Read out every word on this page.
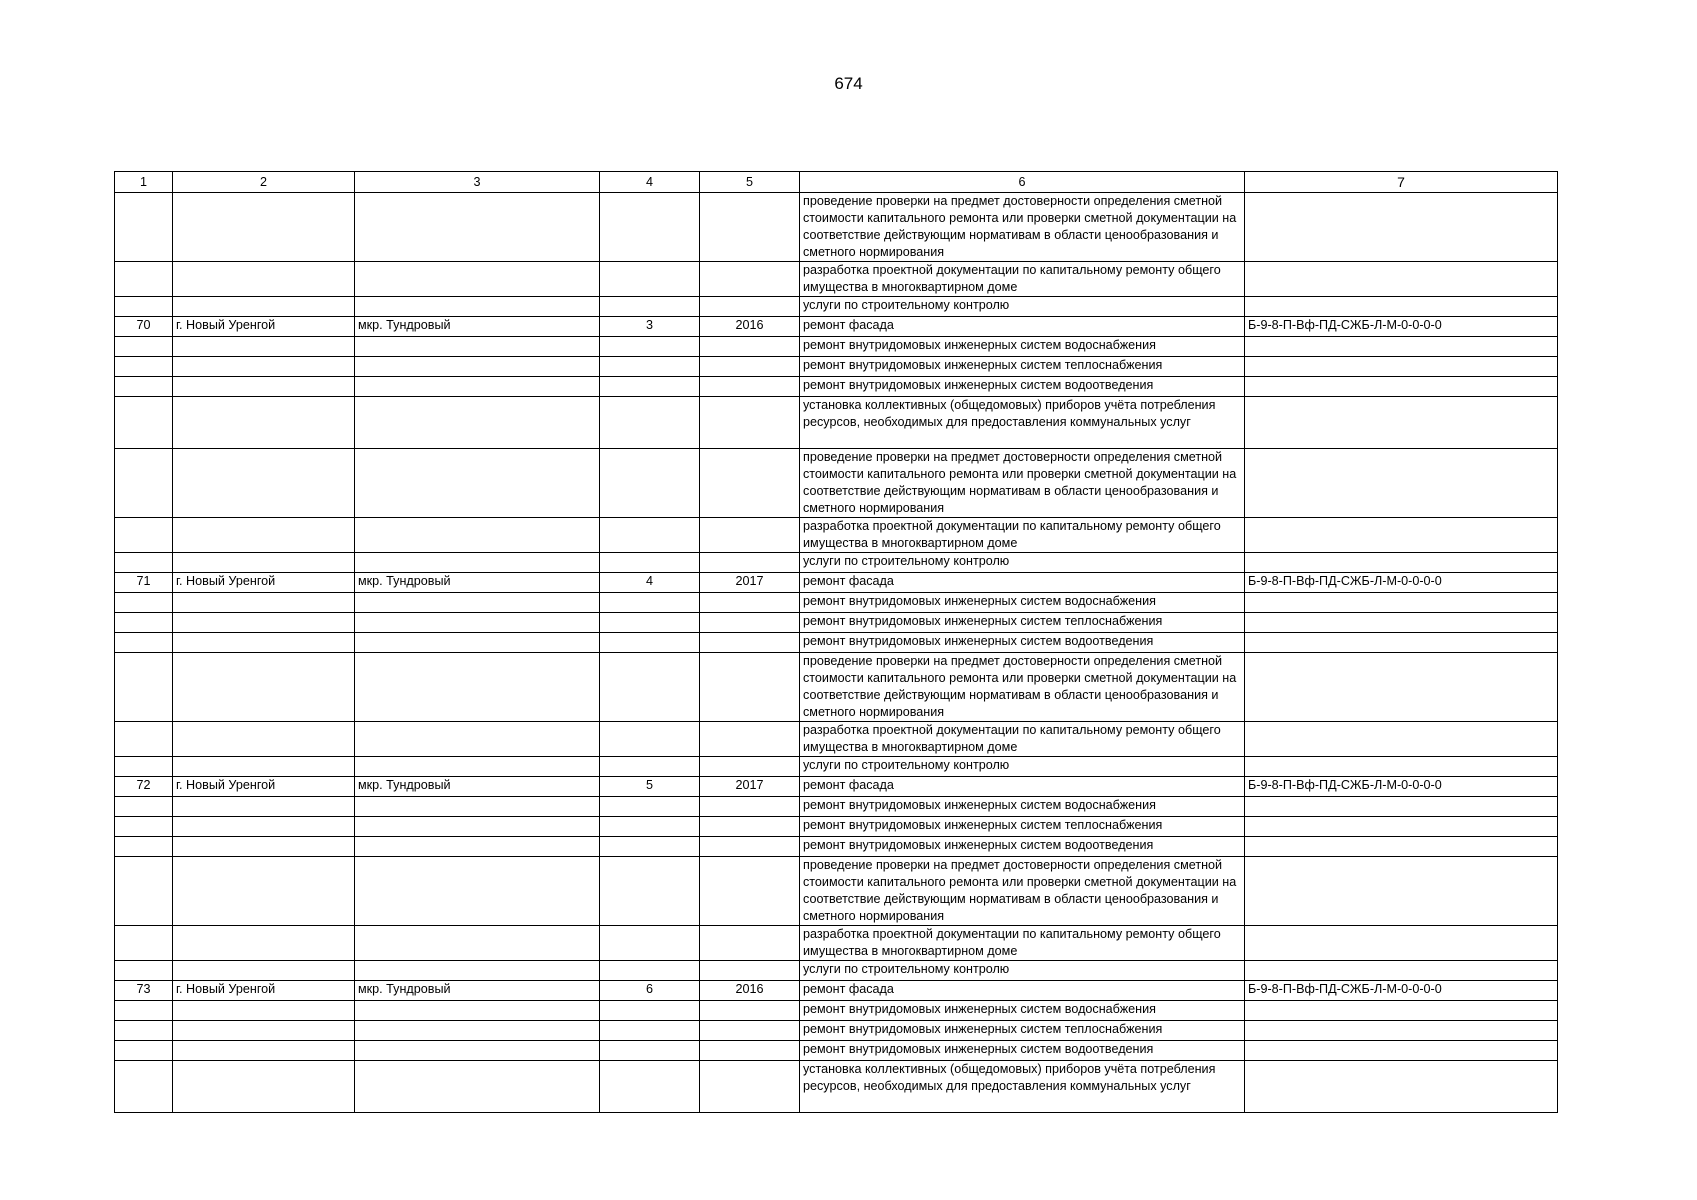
674
1	2	3	4	5	6	7
					проведение проверки на предмет достоверности определения сметной стоимости капитального ремонта или проверки сметной документации на соответствие действующим нормативам в области ценообразования и сметного нормирования	
					разработка проектной документации по капитальному ремонту общего имущества в многоквартирном доме	
					услуги по строительному контролю	
70	г. Новый Уренгой	мкр. Тундровый	3	2016	ремонт фасада	Б-9-8-П-Вф-ПД-СЖБ-Л-М-0-0-0-0
					ремонт внутридомовых инженерных систем водоснабжения	
					ремонт внутридомовых инженерных систем теплоснабжения	
					ремонт внутридомовых инженерных систем водоотведения	
					установка коллективных (общедомовых) приборов учёта потребления ресурсов, необходимых для предоставления коммунальных услуг	
					проведение проверки на предмет достоверности определения сметной стоимости капитального ремонта или проверки сметной документации на соответствие действующим нормативам в области ценообразования и сметного нормирования	
					разработка проектной документации по капитальному ремонту общего имущества в многоквартирном доме	
					услуги по строительному контролю	
71	г. Новый Уренгой	мкр. Тундровый	4	2017	ремонт фасада	Б-9-8-П-Вф-ПД-СЖБ-Л-М-0-0-0-0
					ремонт внутридомовых инженерных систем водоснабжения	
					ремонт внутридомовых инженерных систем теплоснабжения	
					ремонт внутридомовых инженерных систем водоотведения	
					проведение проверки на предмет достоверности определения сметной стоимости капитального ремонта или проверки сметной документации на соответствие действующим нормативам в области ценообразования и сметного нормирования	
					разработка проектной документации по капитальному ремонту общего имущества в многоквартирном доме	
					услуги по строительному контролю	
72	г. Новый Уренгой	мкр. Тундровый	5	2017	ремонт фасада	Б-9-8-П-Вф-ПД-СЖБ-Л-М-0-0-0-0
					ремонт внутридомовых инженерных систем водоснабжения	
					ремонт внутридомовых инженерных систем теплоснабжения	
					ремонт внутридомовых инженерных систем водоотведения	
					проведение проверки на предмет достоверности определения сметной стоимости капитального ремонта или проверки сметной документации на соответствие действующим нормативам в области ценообразования и сметного нормирования	
					разработка проектной документации по капитальному ремонту общего имущества в многоквартирном доме	
					услуги по строительному контролю	
73	г. Новый Уренгой	мкр. Тундровый	6	2016	ремонт фасада	Б-9-8-П-Вф-ПД-СЖБ-Л-М-0-0-0-0
					ремонт внутридомовых инженерных систем водоснабжения	
					ремонт внутридомовых инженерных систем теплоснабжения	
					ремонт внутридомовых инженерных систем водоотведения	
					установка коллективных (общедомовых) приборов учёта потребления ресурсов, необходимых для предоставления коммунальных услуг	
